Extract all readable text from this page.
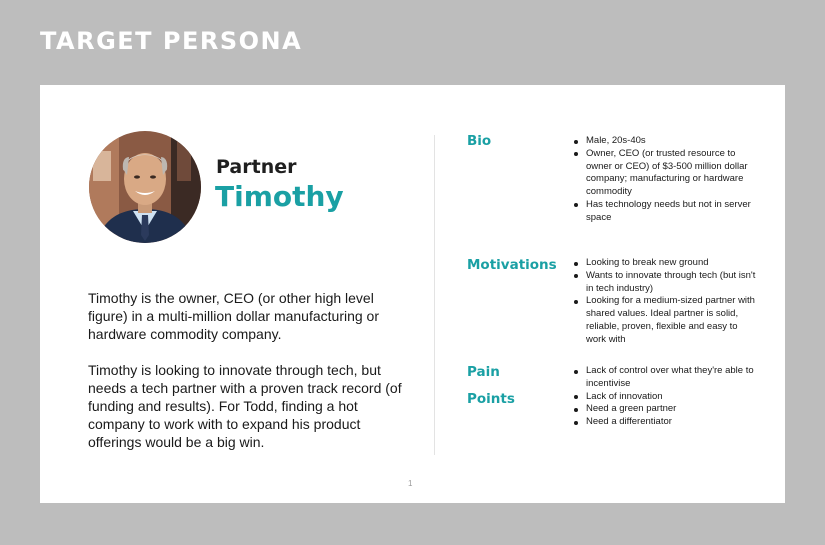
TARGET PERSONA

Partner

Timothy

Timothy is the owner, CEO (or other high level figure) in a multi-million dollar manufacturing or hardware commodity company.

Timothy is looking to innovate through tech, but needs a tech partner with a proven track record (of funding and results). For Todd, finding a hot company to work with to expand his product offerings would be a big win.

Bio	Male, 20s-40s
Owner, CEO (or trusted resource to owner or CEO) of $3-500 million dollar company; manufacturing or hardware commodity
Has technology needs but not in server space
Motivations	Looking to break new ground
Wants to innovate through tech (but isn't in tech industry)
Looking for a medium-sized partner with shared values. Ideal partner is solid, reliable, proven, flexible and easy to work with
Pain
Points
Lack of control over what they're able to incentivise
Lack of innovation
Need a green partner
Need a differentiator

1
